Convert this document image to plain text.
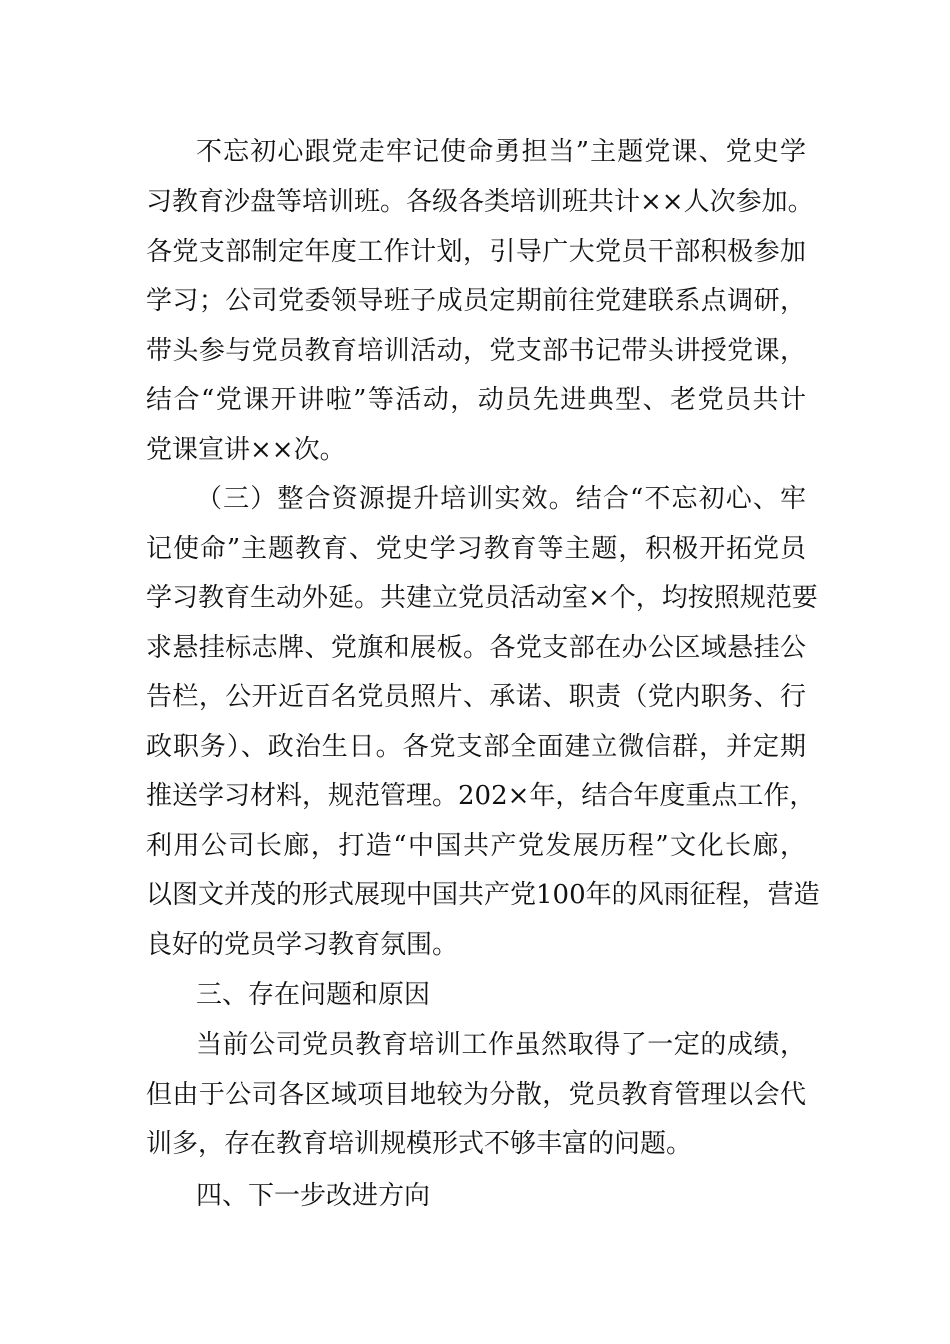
不忘初心跟党走牢记使命勇担当”主题党课、党史学
习教育沙盘等培训班。各级各类培训班共计××人次参加。
各党支部制定年度工作计划，引导广大党员干部积极参加
学习；公司党委领导班子成员定期前往党建联系点调研，
带头参与党员教育培训活动，党支部书记带头讲授党课，
结合“党课开讲啦”等活动，动员先进典型、老党员共计
党课宣讲××次。
（三）整合资源提升培训实效。结合“不忘初心、牢
记使命”主题教育、党史学习教育等主题，积极开拓党员
学习教育生动外延。共建立党员活动室×个，均按照规范要
求悬挂标志牌、党旗和展板。各党支部在办公区域悬挂公
告栏，公开近百名党员照片、承诺、职责（党内职务、行
政职务）、政治生日。各党支部全面建立微信群，并定期
推送学习材料，规范管理。202×年，结合年度重点工作，
利用公司长廊，打造“中国共产党发展历程”文化长廊，
以图文并茂的形式展现中国共产党100年的风雨征程，营造
良好的党员学习教育氛围。
三、存在问题和原因
当前公司党员教育培训工作虽然取得了一定的成绩，
但由于公司各区域项目地较为分散，党员教育管理以会代
训多，存在教育培训规模形式不够丰富的问题。
四、下一步改进方向
